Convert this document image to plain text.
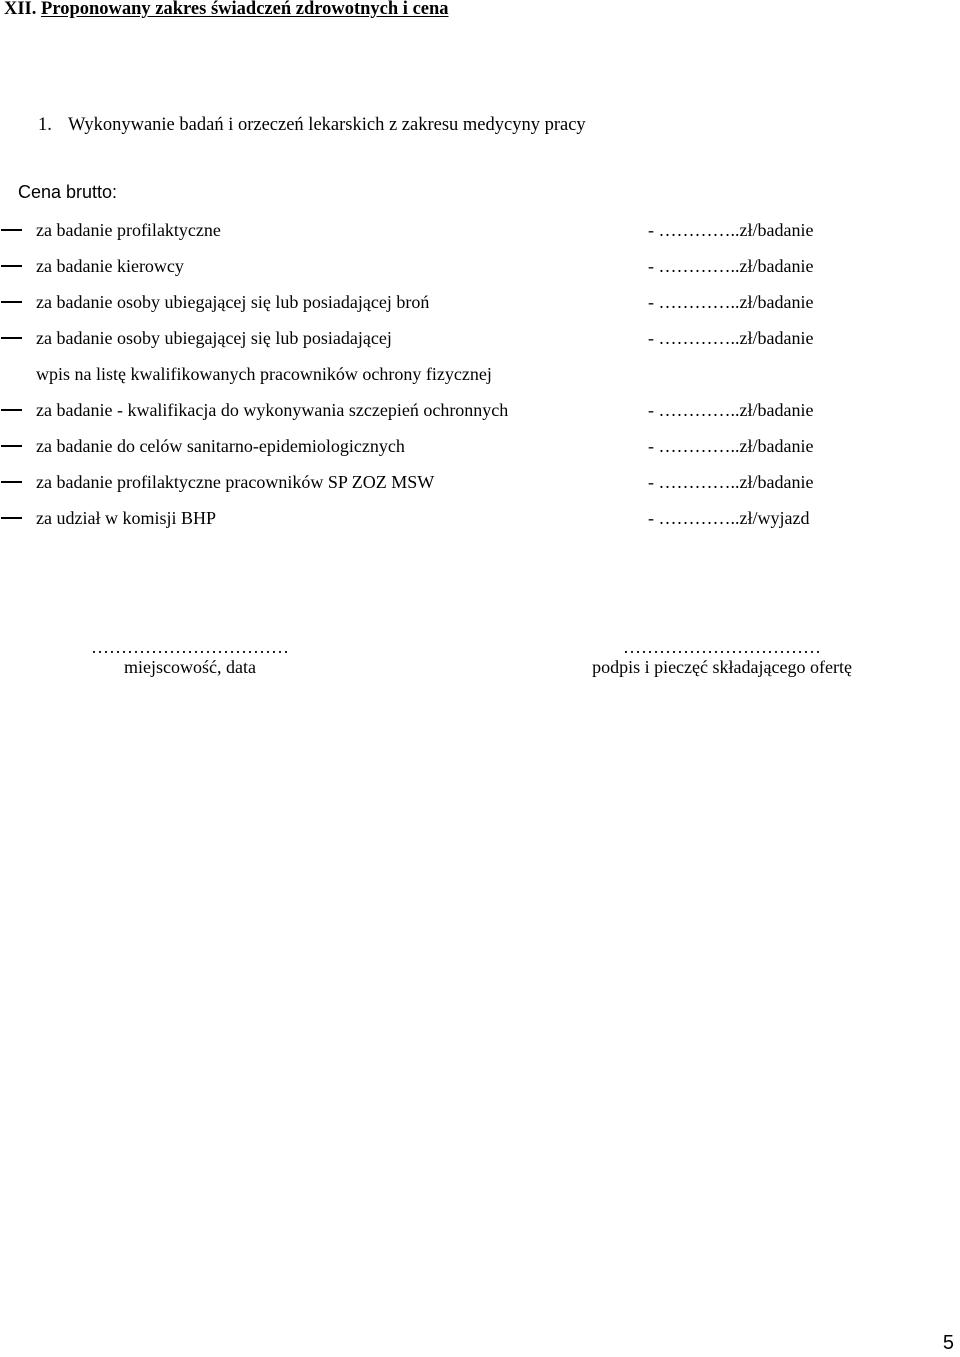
XII. Proponowany zakres świadczeń zdrowotnych i cena
1. Wykonywanie badań i orzeczeń lekarskich z zakresu medycyny pracy
Cena brutto:
za badanie profilaktyczne	- …………..zł/badanie
za badanie kierowcy	- …………..zł/badanie
za badanie osoby ubiegającej się lub posiadającej broń	- …………..zł/badanie
za badanie osoby ubiegającej się lub posiadającej	- …………..zł/badanie
wpis na listę kwalifikowanych pracowników ochrony fizycznej
za badanie - kwalifikacja do wykonywania szczepień ochronnych	- …………..zł/badanie
za badanie do celów sanitarno-epidemiologicznych	- …………..zł/badanie
za badanie profilaktyczne pracowników SP ZOZ MSW	- …………..zł/badanie
za udział w komisji BHP	- …………..zł/wyjazd
……………………………
miejscowość, data
……………………………
podpis i pieczęć składającego ofertę
5
